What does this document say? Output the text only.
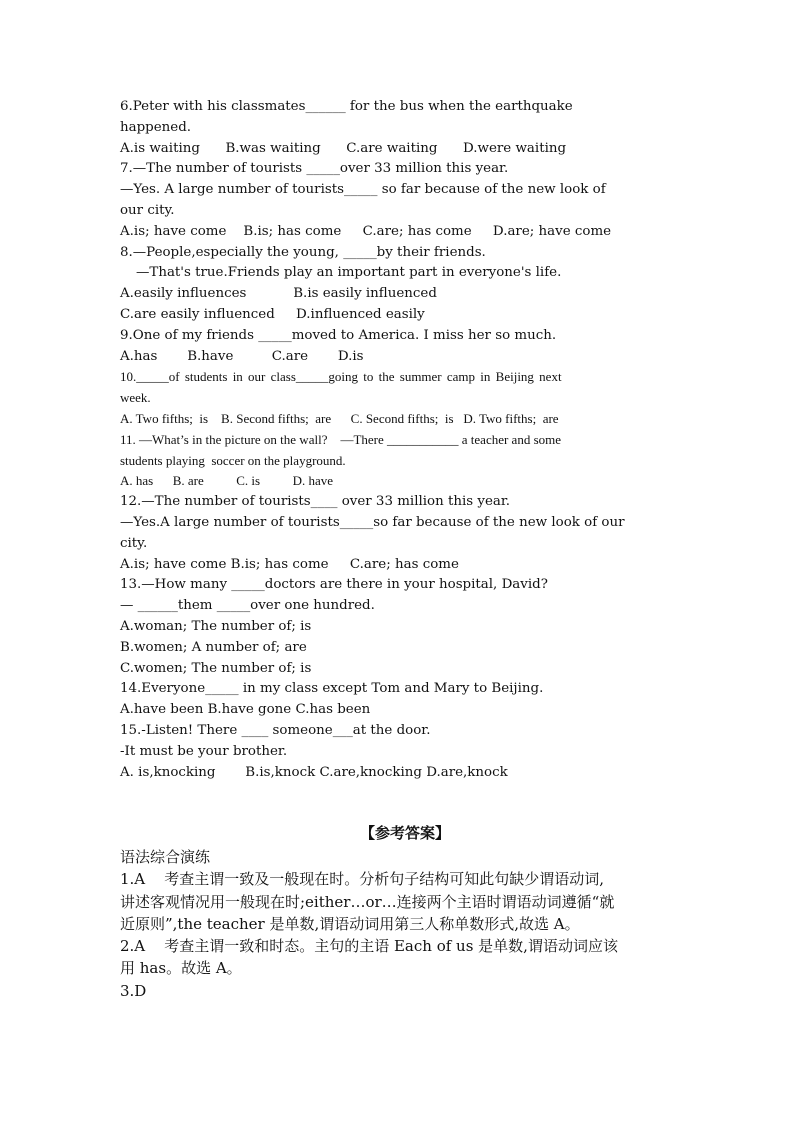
6.Peter with his classmates______ for the bus when the earthquake
happened.
A.is waiting      B.was waiting      C.are waiting      D.were waiting
7.—The number of tourists _____over 33 million this year.
—Yes. A large number of tourists_____ so far because of the new look of
our city.
A.is; have come    B.is; has come     C.are; has come     D.are; have come
8.—People,especially the young, _____by their friends.
—That's true.Friends play an important part in everyone's life.
A.easily influences           B.is easily influenced
C.are easily influenced     D.influenced easily
9.One of my friends _____moved to America. I miss her so much.
A.has       B.have         C.are       D.is
10._____of students in our class_____going to the summer camp in Beijing next
week.
A. Two fifths;  is    B. Second fifths;  are      C. Second fifths;  is   D. Two fifths;  are
11. —What’s in the picture on the wall?    —There ___________ a teacher and some
students playing  soccer on the playground.
A. has      B. are          C. is          D. have
12.—The number of tourists____ over 33 million this year.
—Yes.A large number of tourists_____so far because of the new look of our
city.
A.is; have come B.is; has come     C.are; has come
13.—How many _____doctors are there in your hospital, David?
— ______them _____over one hundred.
A.woman; The number of; is
B.women; A number of; are
C.women; The number of; is
14.Everyone_____ in my class except Tom and Mary to Beijing.
A.have been B.have gone C.has been
15.-Listen! There ____ someone___at the door.
-It must be your brother.
A. is,knocking       B.is,knock C.are,knocking D.are,knock
【参考答案】
语法综合演练
1.A    考查主谓一致及一般现在时。分析句子结构可知此句缺少谓语动词,
讲述客观情况用一般现在时;either…or…连接两个主语时谓语动词遵循“就
近原则”,the teacher 是单数,谓语动词用第三人称单数形式,故选 A。
2.A    考查主谓一致和时态。主句的主语 Each of us 是单数,谓语动词应该
用 has。故选 A。
3.D
